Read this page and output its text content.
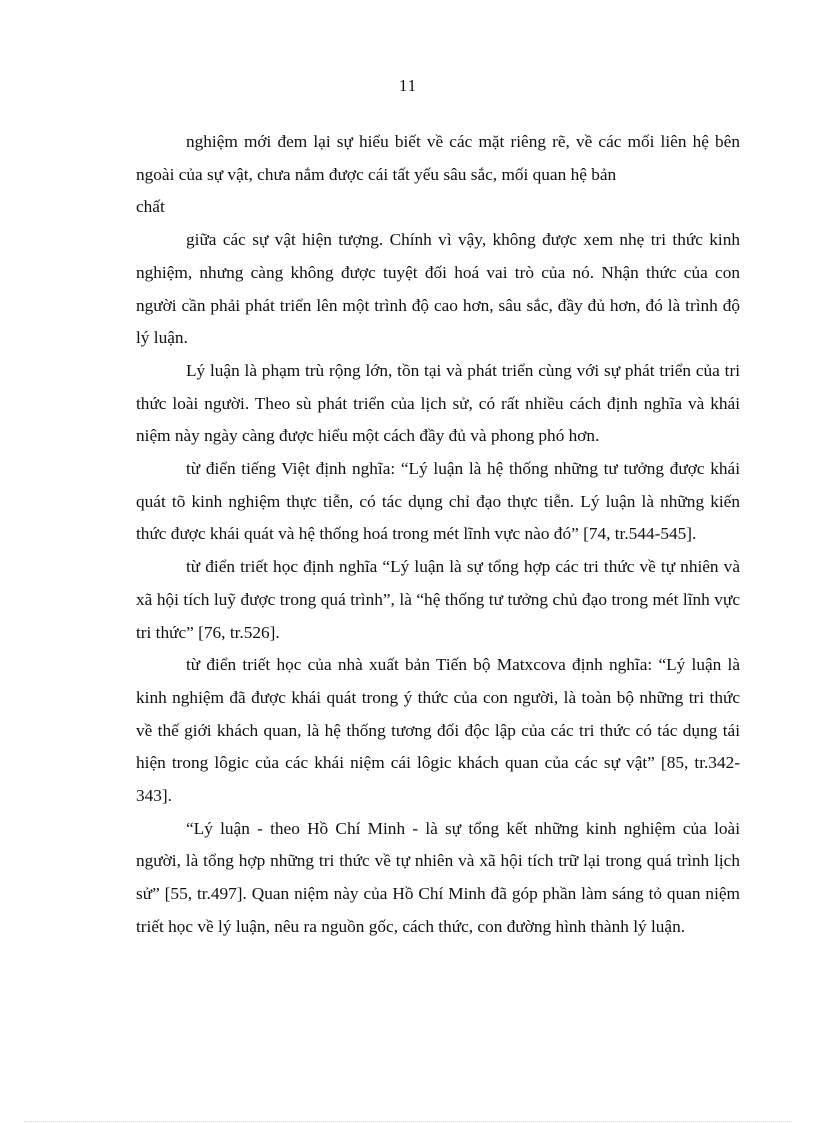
11

nghiệm mới đem lại sự hiểu biết về các mặt riêng rẽ, về các mối liên hệ bên ngoài của sự vật, chưa nắm được cái tất yếu sâu sắc, mối quan hệ bản

chất

giữa các sự vật hiện tượng. Chính vì vậy, không được xem nhẹ tri thức kinh nghiệm, nhưng càng không được tuyệt đối hoá vai trò của nó. Nhận thức của con người cần phải phát triển lên một trình độ cao hơn, sâu sắc, đầy đủ hơn, đó là trình độ lý luận.

Lý luận là phạm trù rộng lớn, tồn tại và phát triển cùng với sự phát triển của tri thức loài người. Theo sù phát triển của lịch sử, có rất nhiều cách định nghĩa và khái niệm này ngày càng được hiểu một cách đầy đủ và phong phó hơn.

từ điển tiếng Việt định nghĩa: “Lý luận là hệ thống những tư tưởng được khái quát tõ kinh nghiệm thực tiễn, có tác dụng chỉ đạo thực tiễn. Lý luận là những kiến thức được khái quát và hệ thống hoá trong mét lĩnh vực nào đó” [74, tr.544-545].

từ điển triết học định nghĩa “Lý luận là sự tổng hợp các tri thức về tự nhiên và xã hội tích luỹ được trong quá trình”, là “hệ thống tư tưởng chủ đạo trong mét lĩnh vực tri thức” [76, tr.526].

từ điển triết học của nhà xuất bản Tiến bộ Matxcova định nghĩa: “Lý luận là kinh nghiệm đã được khái quát trong ý thức của con người, là toàn bộ những tri thức về thế giới khách quan, là hệ thống tương đối độc lập của các tri thức có tác dụng tái hiện trong lôgic của các khái niệm cái lôgic khách quan của các sự vật” [85, tr.342-343].

“Lý luận - theo Hồ Chí Minh - là sự tổng kết những kinh nghiệm của loài người, là tổng hợp những tri thức về tự nhiên và xã hội tích trữ lại trong quá trình lịch sử” [55, tr.497]. Quan niệm này của Hồ Chí Minh đã góp phần làm sáng tỏ quan niệm triết học về lý luận, nêu ra nguồn gốc, cách thức, con đường hình thành lý luận.
